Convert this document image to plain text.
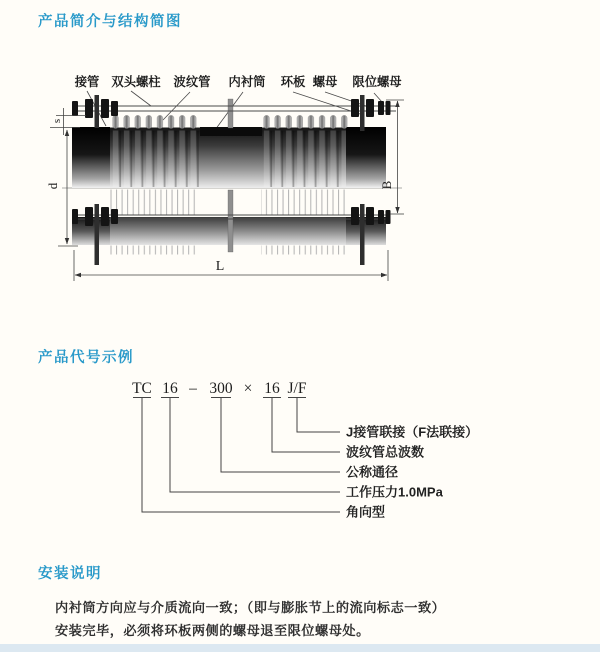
产品简介与结构简图
接管 双头螺柱 波纹管 内衬筒 环板 螺母 限位螺母
s
d	B
L
产品代号示例
TC 16 – 300 × 16 J/F
J接管联接（F法联接）
波纹管总波数
公称通径
工作压力1.0MPa
角向型
安装说明
内衬筒方向应与介质流向一致；（即与膨胀节上的流向标志一致）
安装完毕，必须将环板两侧的螺母退至限位螺母处。
